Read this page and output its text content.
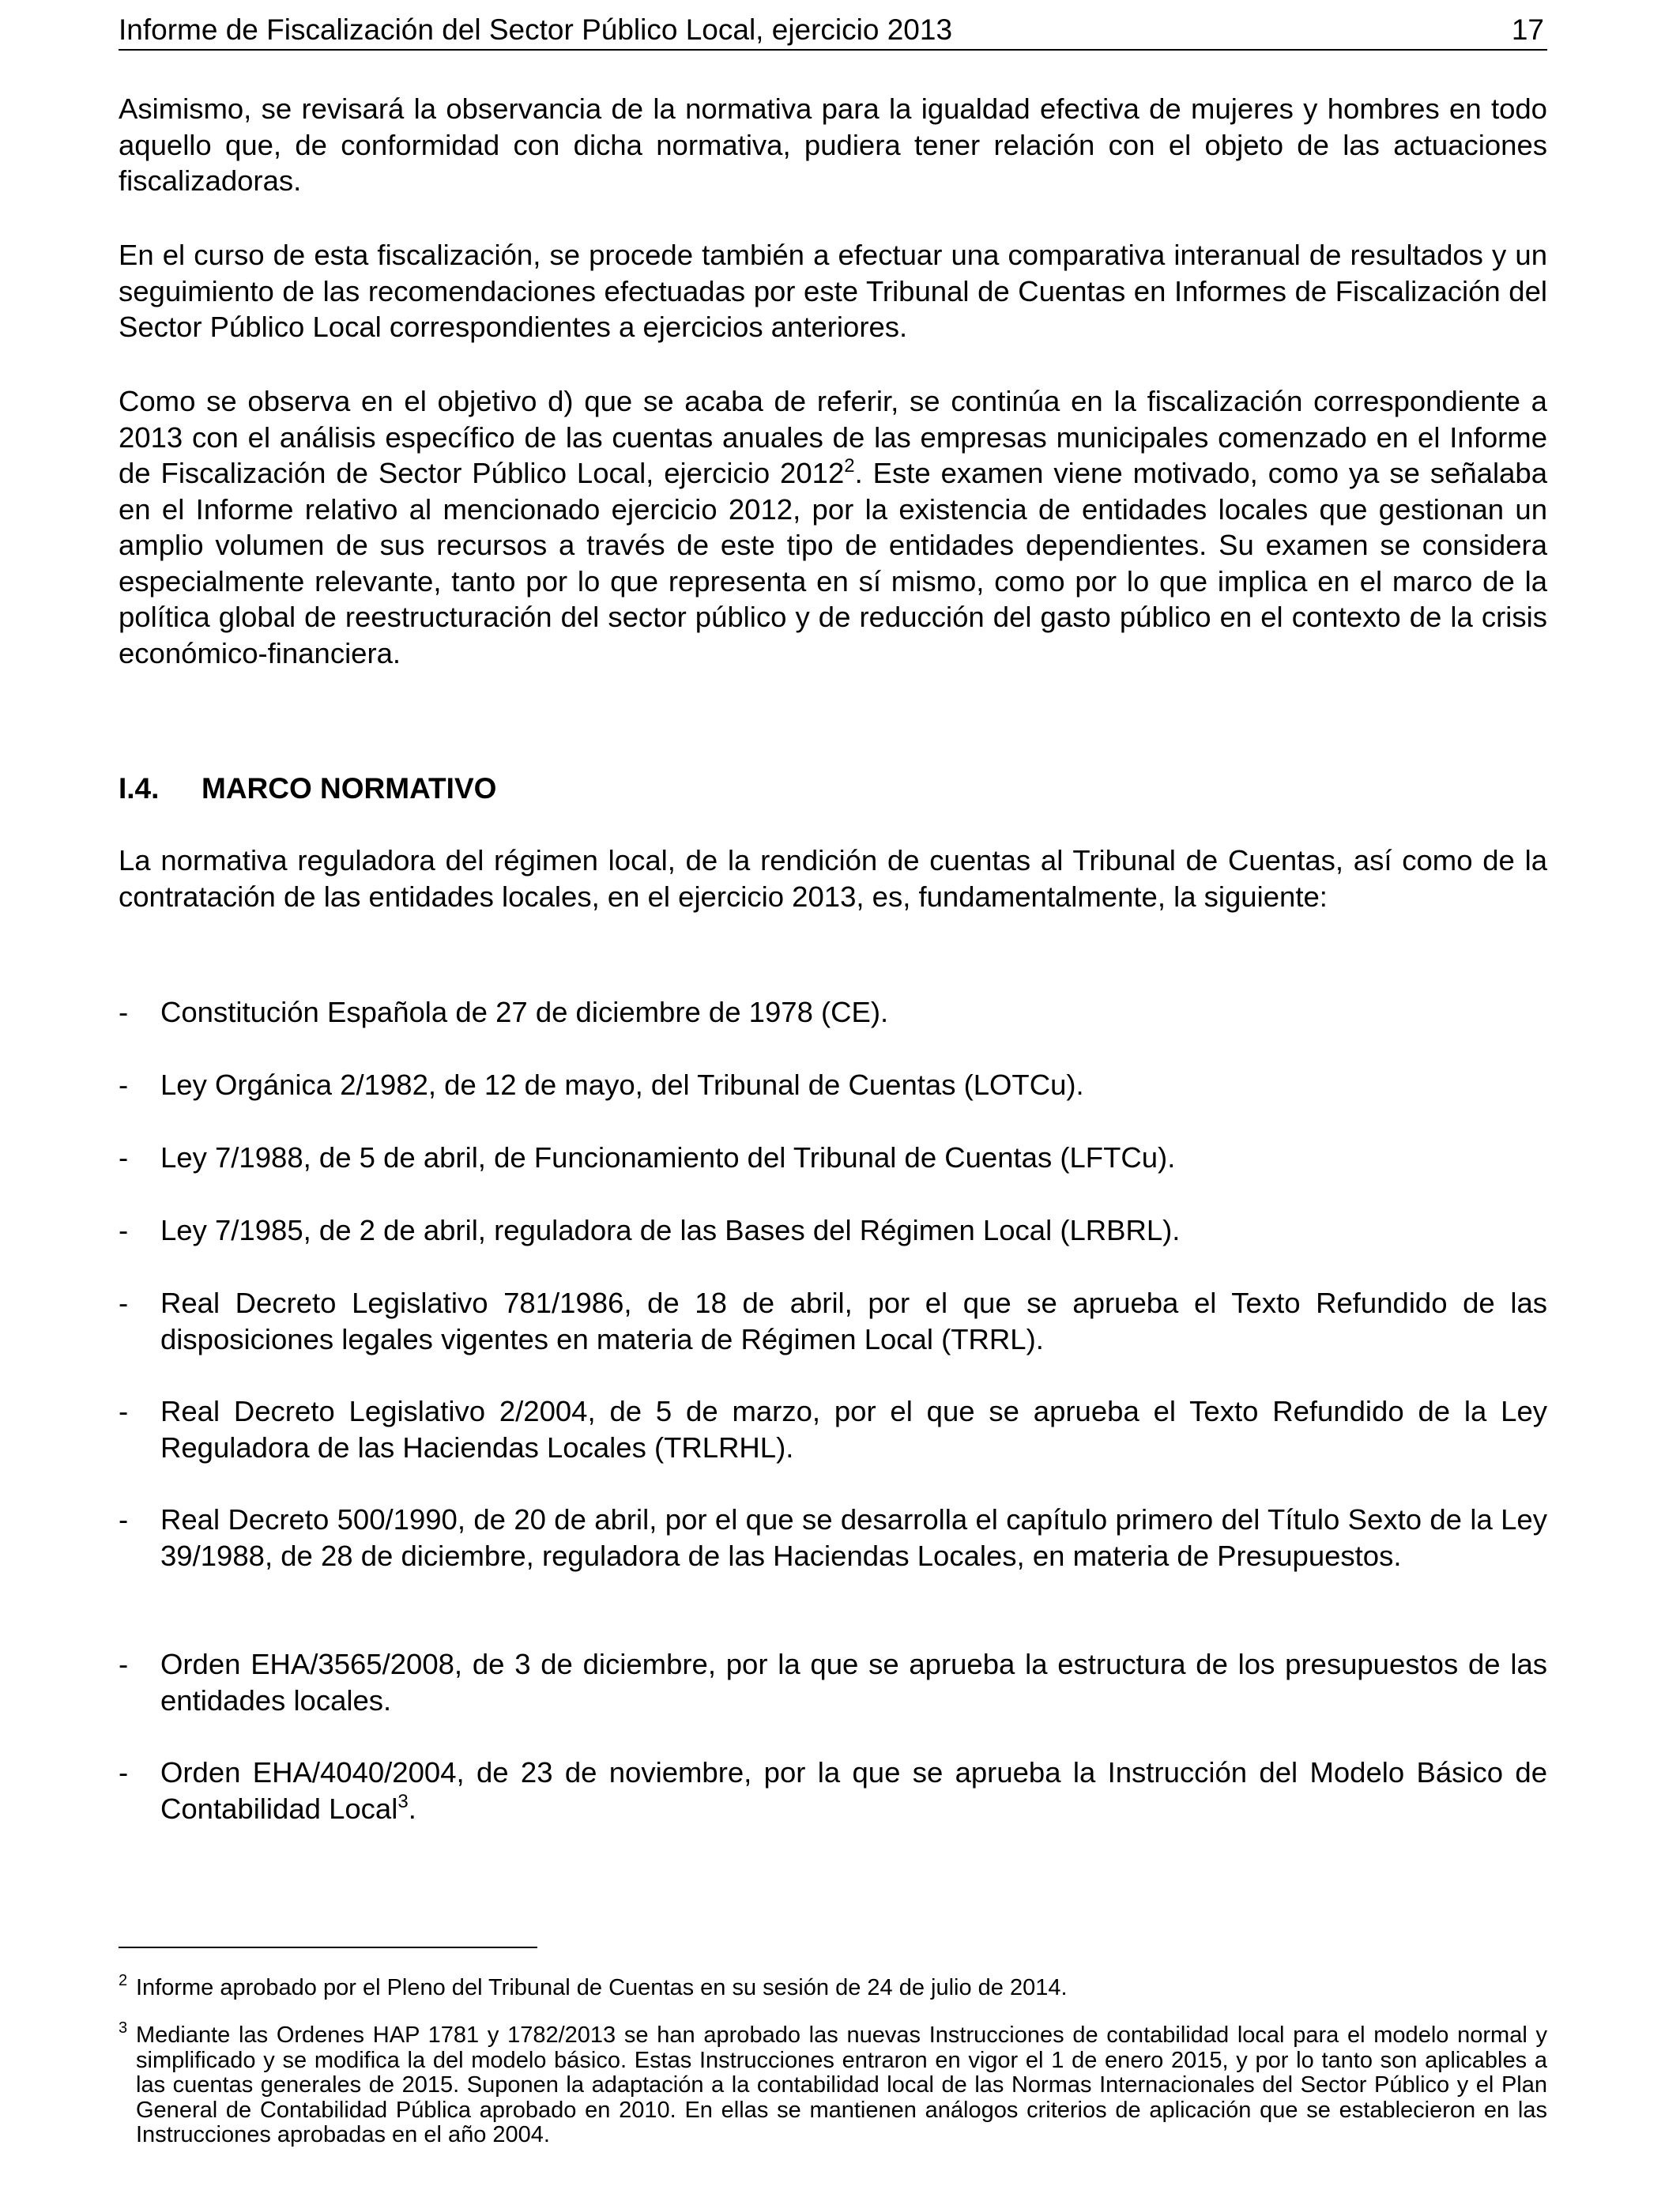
Informe de Fiscalización del Sector Público Local, ejercicio 2013	17
Asimismo, se revisará la observancia de la normativa para la igualdad efectiva de mujeres y hombres en todo aquello que, de conformidad con dicha normativa, pudiera tener relación con el objeto de las actuaciones fiscalizadoras.
En el curso de esta fiscalización, se procede también a efectuar una comparativa interanual de resultados y un seguimiento de las recomendaciones efectuadas por este Tribunal de Cuentas en Informes de Fiscalización del Sector Público Local correspondientes a ejercicios anteriores.
Como se observa en el objetivo d) que se acaba de referir, se continúa en la fiscalización correspondiente a 2013 con el análisis específico de las cuentas anuales de las empresas municipales comenzado en el Informe de Fiscalización de Sector Público Local, ejercicio 2012$^2$. Este examen viene motivado, como ya se señalaba en el Informe relativo al mencionado ejercicio 2012, por la existencia de entidades locales que gestionan un amplio volumen de sus recursos a través de este tipo de entidades dependientes. Su examen se considera especialmente relevante, tanto por lo que representa en sí mismo, como por lo que implica en el marco de la política global de reestructuración del sector público y de reducción del gasto público en el contexto de la crisis económico-financiera.
I.4. MARCO NORMATIVO
La normativa reguladora del régimen local, de la rendición de cuentas al Tribunal de Cuentas, así como de la contratación de las entidades locales, en el ejercicio 2013, es, fundamentalmente, la siguiente:
- Constitución Española de 27 de diciembre de 1978 (CE).
- Ley Orgánica 2/1982, de 12 de mayo, del Tribunal de Cuentas (LOTCu).
- Ley 7/1988, de 5 de abril, de Funcionamiento del Tribunal de Cuentas (LFTCu).
- Ley 7/1985, de 2 de abril, reguladora de las Bases del Régimen Local (LRBRL).
- Real Decreto Legislativo 781/1986, de 18 de abril, por el que se aprueba el Texto Refundido de las disposiciones legales vigentes en materia de Régimen Local (TRRL).
- Real Decreto Legislativo 2/2004, de 5 de marzo, por el que se aprueba el Texto Refundido de la Ley Reguladora de las Haciendas Locales (TRLRHL).
- Real Decreto 500/1990, de 20 de abril, por el que se desarrolla el capítulo primero del Título Sexto de la Ley 39/1988, de 28 de diciembre, reguladora de las Haciendas Locales, en materia de Presupuestos.
- Orden EHA/3565/2008, de 3 de diciembre, por la que se aprueba la estructura de los presupuestos de las entidades locales.
- Orden EHA/4040/2004, de 23 de noviembre, por la que se aprueba la Instrucción del Modelo Básico de Contabilidad Local$^3$.
2 Informe aprobado por el Pleno del Tribunal de Cuentas en su sesión de 24 de julio de 2014.
3 Mediante las Ordenes HAP 1781 y 1782/2013 se han aprobado las nuevas Instrucciones de contabilidad local para el modelo normal y simplificado y se modifica la del modelo básico. Estas Instrucciones entraron en vigor el 1 de enero 2015, y por lo tanto son aplicables a las cuentas generales de 2015. Suponen la adaptación a la contabilidad local de las Normas Internacionales del Sector Público y el Plan General de Contabilidad Pública aprobado en 2010. En ellas se mantienen análogos criterios de aplicación que se establecieron en las Instrucciones aprobadas en el año 2004.
